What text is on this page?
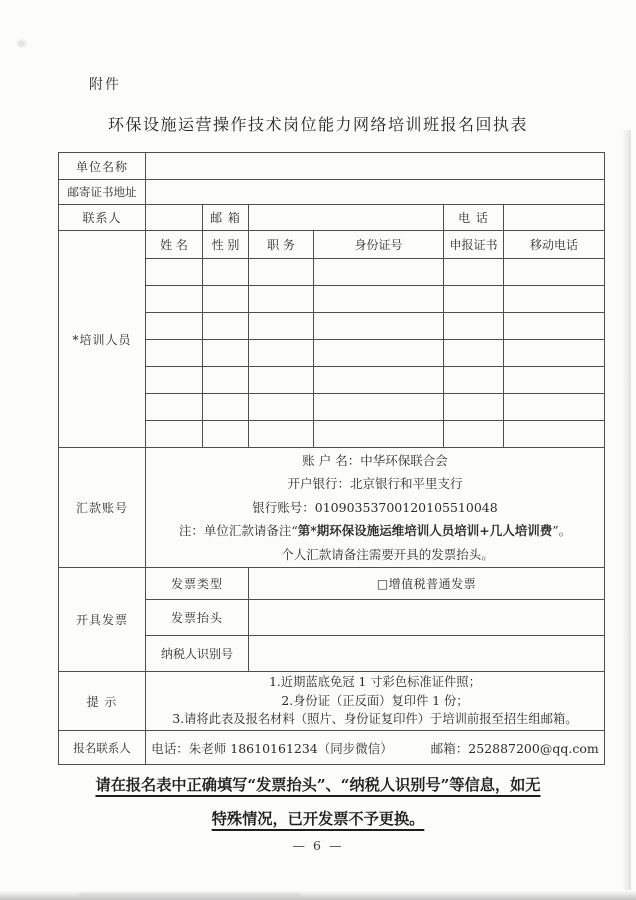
附件
环保设施运营操作技术岗位能力网络培训班报名回执表
单位名称						
邮寄证书地址						
联系人		邮 箱			电 话	
*培训人员	姓 名	性 别	职 务	身份证号	申报证书	移动电话

汇款账号	账 户 名：中华环保联合会
开户银行：北京银行和平里支行
银行账号：01090353700120105510048
注：单位汇款请备注“第*期环保设施运维培训人员培训+几人培训费”。
个人汇款请备注需要开具的发票抬头。					

开具发票	发票类型		□增值税普通发票			
	发票抬头					
	纳税人识别号					
提 示	1.近期蓝底免冠 1 寸彩色标准证件照；
2.身份证（正反面）复印件 1 份；
3.请将此表及报名材料（照片、身份证复印件）于培训前报至招生组邮箱。					

报名联系人	电话：朱老师 18610161234（同步微信） 邮箱：252887200@qq.com					
请在报名表中正确填写“发票抬头”、“纳税人识别号”等信息，如无
特殊情况，已开发票不予更换。
— 6 —
